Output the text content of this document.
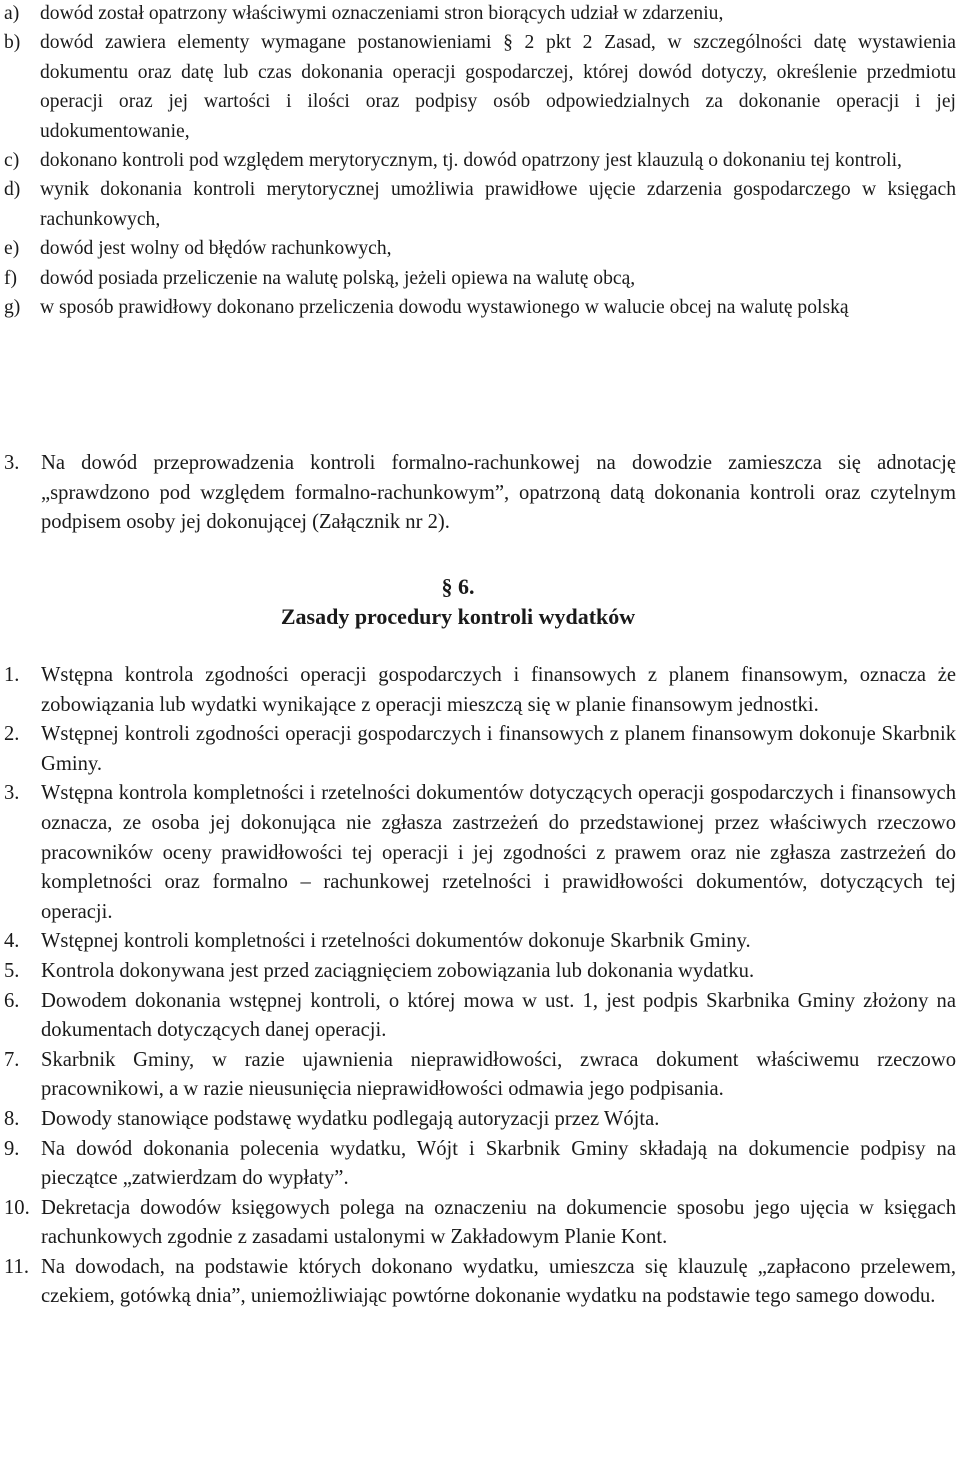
a) dowód został opatrzony właściwymi oznaczeniami stron biorących udział w zdarzeniu,
b) dowód zawiera elementy wymagane postanowieniami § 2 pkt 2 Zasad, w szczególności datę wystawienia dokumentu oraz datę lub czas dokonania operacji gospodarczej, której dowód dotyczy, określenie przedmiotu operacji oraz jej wartości i ilości oraz podpisy osób odpowiedzialnych za dokonanie operacji i jej udokumentowanie,
c) dokonano kontroli pod względem merytorycznym, tj. dowód opatrzony jest klauzulą o dokonaniu tej kontroli,
d) wynik dokonania kontroli merytorycznej umożliwia prawidłowe ujęcie zdarzenia gospodarczego w księgach rachunkowych,
e) dowód jest wolny od błędów rachunkowych,
f) dowód posiada przeliczenie na walutę polską, jeżeli opiewa na walutę obcą,
g) w sposób prawidłowy dokonano przeliczenia dowodu wystawionego w walucie obcej na walutę polską
3. Na dowód przeprowadzenia kontroli formalno-rachunkowej na dowodzie zamieszcza się adnotację „sprawdzono pod względem formalno-rachunkowym”, opatrzoną datą dokonania kontroli oraz czytelnym podpisem osoby jej dokonującej (Załącznik nr 2).
§ 6.
Zasady procedury kontroli wydatków
1. Wstępna kontrola zgodności operacji gospodarczych i finansowych z planem finansowym, oznacza że zobowiązania lub wydatki wynikające z operacji mieszczą się w planie finansowym jednostki.
2. Wstępnej kontroli zgodności operacji gospodarczych i finansowych z planem finansowym dokonuje Skarbnik Gminy.
3. Wstępna kontrola kompletności i rzetelności dokumentów dotyczących operacji gospodarczych i finansowych oznacza, ze osoba jej dokonująca nie zgłasza zastrzeżeń do przedstawionej przez właściwych rzeczowo pracowników oceny prawidłowości tej operacji i jej zgodności z prawem oraz nie zgłasza zastrzeżeń do kompletności oraz formalno – rachunkowej rzetelności i prawidłowości dokumentów, dotyczących tej operacji.
4. Wstępnej kontroli kompletności i rzetelności dokumentów dokonuje Skarbnik Gminy.
5. Kontrola dokonywana jest przed zaciągnięciem zobowiązania lub dokonania wydatku.
6. Dowodem dokonania wstępnej kontroli, o której mowa w ust. 1, jest podpis Skarbnika Gminy złożony na dokumentach dotyczących danej operacji.
7. Skarbnik Gminy, w razie ujawnienia nieprawidłowości, zwraca dokument właściwemu rzeczowo pracownikowi, a w razie nieusunięcia nieprawidłowości odmawia jego podpisania.
8. Dowody stanowiące podstawę wydatku podlegają autoryzacji przez Wójta.
9. Na dowód dokonania polecenia wydatku, Wójt i Skarbnik Gminy składają na dokumencie podpisy na pieczątce „zatwierdzam do wypłaty”.
10. Dekretacja dowodów księgowych polega na oznaczeniu na dokumencie sposobu jego ujęcia w księgach rachunkowych zgodnie z zasadami ustalonymi w Zakładowym Planie Kont.
11. Na dowodach, na podstawie których dokonano wydatku, umieszcza się klauzulę „zapłacono przelewem, czekiem, gotówką dnia”, uniemożliwiając powtórne dokonanie wydatku na podstawie tego samego dowodu.
